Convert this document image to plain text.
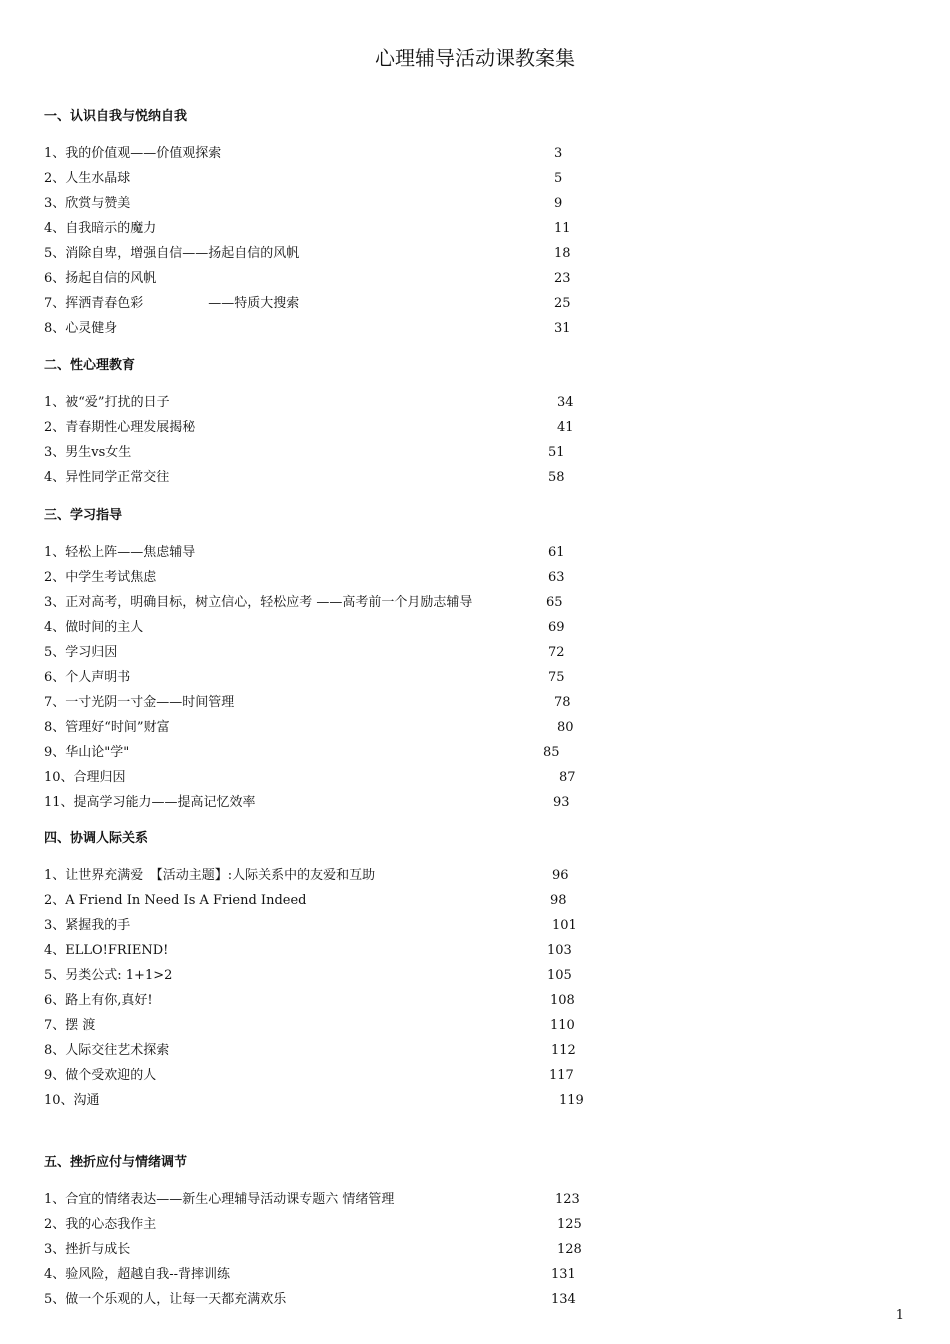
心理辅导活动课教案集
一、认识自我与悦纳自我
1、我的价值观——价值观探索	3
2、人生水晶球	5
3、欣赏与赞美	9
4、自我暗示的魔力	11
5、消除自卑，增强自信——扬起自信的风帆	18
6、扬起自信的风帆	23
7、挥洒青春色彩　　　　　——特质大搜索	25
8、心灵健身	31
二、性心理教育
1、被“爱”打扰的日子	34
2、青春期性心理发展揭秘	41
3、男生vs女生	51
4、异性同学正常交往	58
三、学习指导
1、轻松上阵——焦虑辅导	61
2、中学生考试焦虑	63
3、正对高考，明确目标，树立信心，轻松应考 ——高考前一个月励志辅导	65
4、做时间的主人	69
5、学习归因	72
6、个人声明书	75
7、一寸光阴一寸金——时间管理	78
8、管理好“时间”财富	80
9、华山论"学"	85
10、合理归因	87
11、提高学习能力——提高记忆效率	93
四、协调人际关系
1、让世界充满爱　【活动主题】:人际关系中的友爱和互助	96
2、A Friend In Need Is A Friend Indeed	98
3、紧握我的手	101
4、ELLO!FRIEND!	103
5、另类公式: 1+1>2	105
6、路上有你,真好!	108
7、摆 渡	110
8、人际交往艺术探索	112
9、做个受欢迎的人	117
10、沟通	119
五、挫折应付与情绪调节
1、合宜的情绪表达——新生心理辅导活动课专题六 情绪管理	123
2、我的心态我作主	125
3、挫折与成长	128
4、验风险，超越自我--背摔训练	131
5、做一个乐观的人，让每一天都充满欢乐	134
1
